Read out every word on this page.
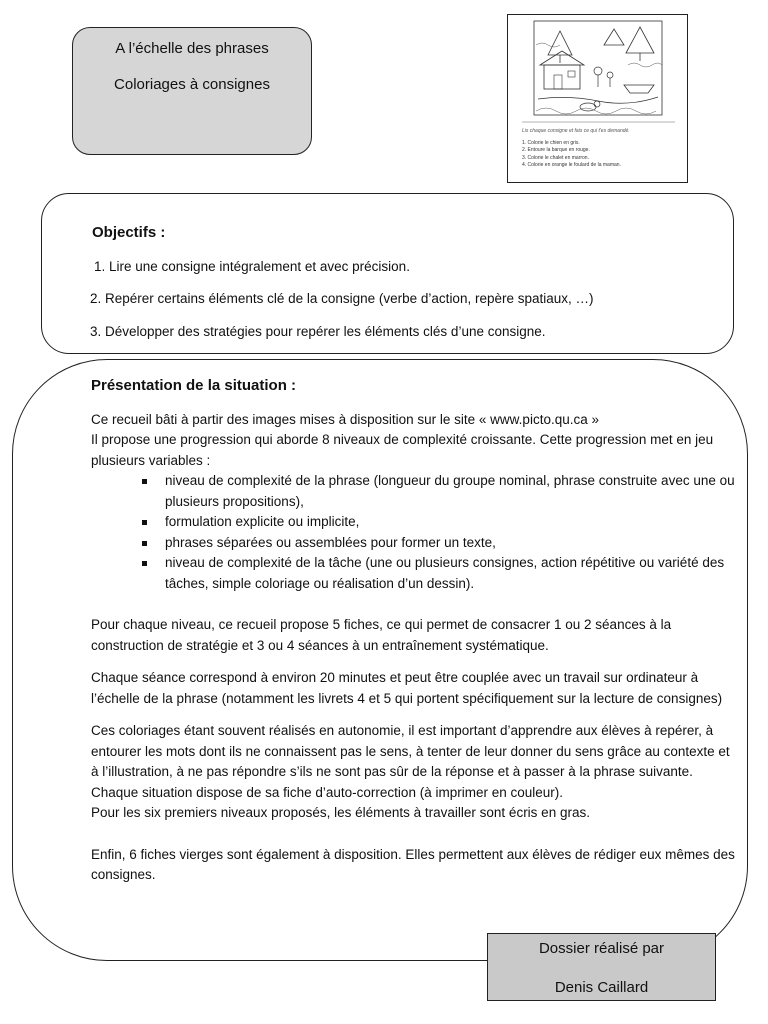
A l’échelle des phrases
Coloriages à consignes
Lis chaque consigne et fais ce qui t'es demandé.
1. Colorie le chien en gris.
2. Entoure la barque en rouge.
3. Colorie le chalet en marron.
4. Colorie en orange le foulard de la maman.
Objectifs :
1. Lire une consigne intégralement et avec précision.
2. Repérer certains éléments clé de la consigne (verbe d’action, repère spatiaux, …)
3. Développer des stratégies pour repérer les éléments clés d’une consigne.
Présentation de la situation :

Ce recueil bâti à partir des images mises à disposition sur le site « www.picto.qu.ca »

Il propose une progression qui aborde 8 niveaux de complexité croissante. Cette progression met en jeu plusieurs variables :

niveau de complexité de la phrase (longueur du groupe nominal, phrase construite avec une ou plusieurs propositions),
formulation explicite ou implicite,
phrases séparées ou assemblées pour former un texte,
niveau de complexité de la tâche (une ou plusieurs consignes, action répétitive ou variété des tâches, simple coloriage ou réalisation d’un dessin).

Pour chaque niveau, ce recueil propose 5 fiches, ce qui permet de consacrer 1 ou 2 séances à la construction de stratégie et 3 ou 4 séances à un entraînement systématique.

Chaque séance correspond à environ 20 minutes et peut être couplée avec un travail sur ordinateur à l’échelle de la phrase (notamment les livrets 4 et 5 qui portent spécifiquement sur la lecture de consignes)

Ces coloriages étant souvent réalisés en autonomie, il est important d’apprendre aux élèves à repérer, à entourer les mots dont ils ne connaissent pas le sens, à tenter de leur donner du sens grâce au contexte et à l’illustration, à ne pas répondre s’ils ne sont pas sûr de la réponse et à passer à la phrase suivante.

Chaque situation dispose de sa fiche d’auto-correction (à imprimer en couleur).

Pour les six premiers niveaux proposés, les éléments à travailler sont écris en gras.

Enfin, 6 fiches vierges sont également à disposition. Elles permettent aux élèves de rédiger eux mêmes des consignes.

Dossier réalisé par
Denis Caillard
